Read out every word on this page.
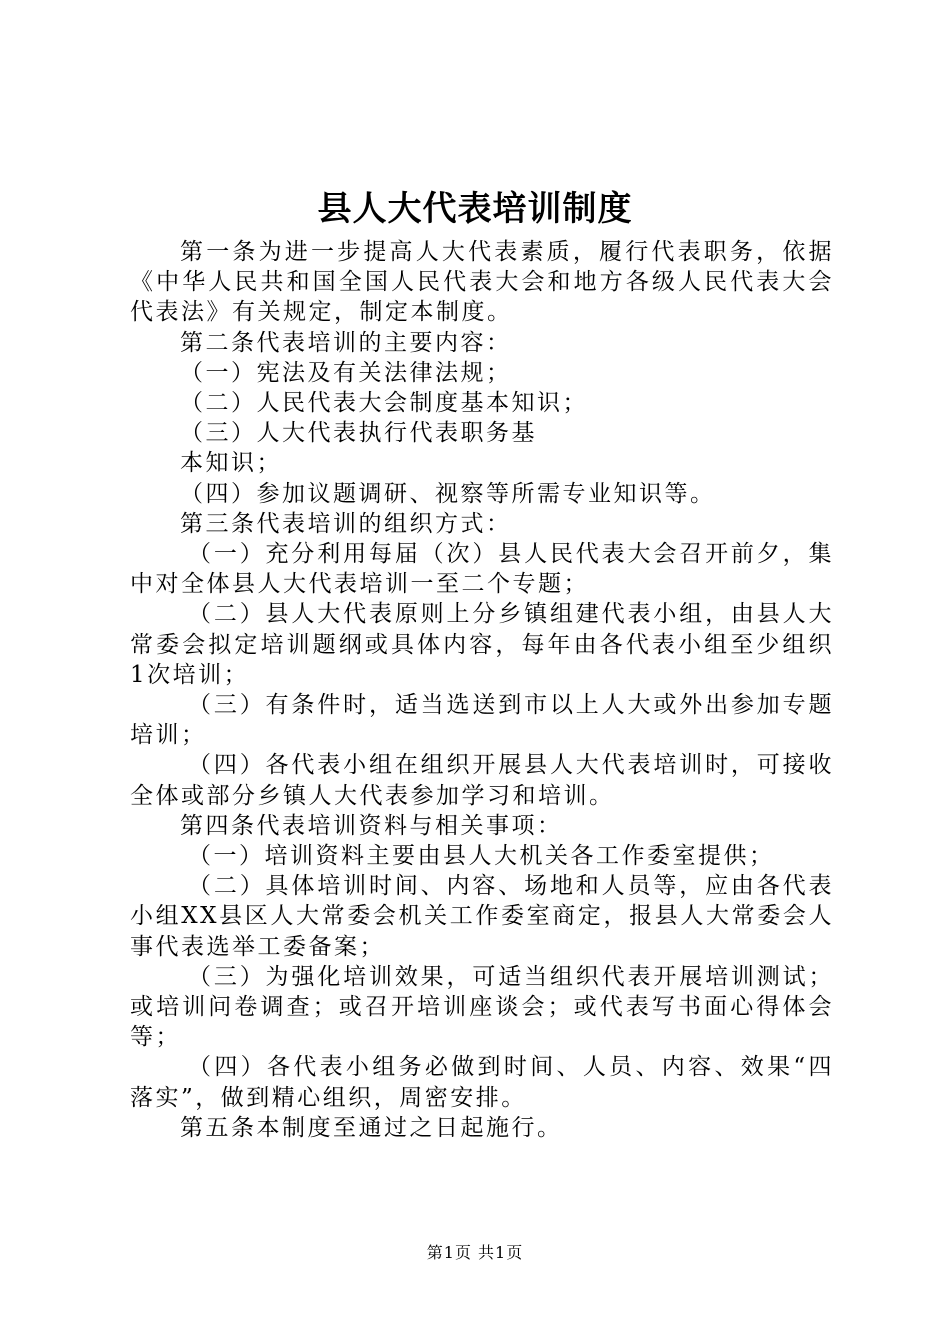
县人大代表培训制度

第一条为进一步提高人大代表素质，履行代表职务，依据《中华人民共和国全国人民代表大会和地方各级人民代表大会代表法》有关规定，制定本制度。

第二条代表培训的主要内容：

（一）宪法及有关法律法规；

（二）人民代表大会制度基本知识；

（三）人大代表执行代表职务基

本知识；

（四）参加议题调研、视察等所需专业知识等。

第三条代表培训的组织方式：

（一）充分利用每届（次）县人民代表大会召开前夕，集中对全体县人大代表培训一至二个专题；

（二）县人大代表原则上分乡镇组建代表小组，由县人大常委会拟定培训题纲或具体内容，每年由各代表小组至少组织1次培训；

（三）有条件时，适当选送到市以上人大或外出参加专题培训；

（四）各代表小组在组织开展县人大代表培训时，可接收全体或部分乡镇人大代表参加学习和培训。

第四条代表培训资料与相关事项：

（一）培训资料主要由县人大机关各工作委室提供；

（二）具体培训时间、内容、场地和人员等，应由各代表小组XX县区人大常委会机关工作委室商定，报县人大常委会人事代表选举工委备案；

（三）为强化培训效果，可适当组织代表开展培训测试；或培训问卷调查；或召开培训座谈会；或代表写书面心得体会等；

（四）各代表小组务必做到时间、人员、内容、效果“四落实”，做到精心组织，周密安排。

第五条本制度至通过之日起施行。

第1页 共1页
